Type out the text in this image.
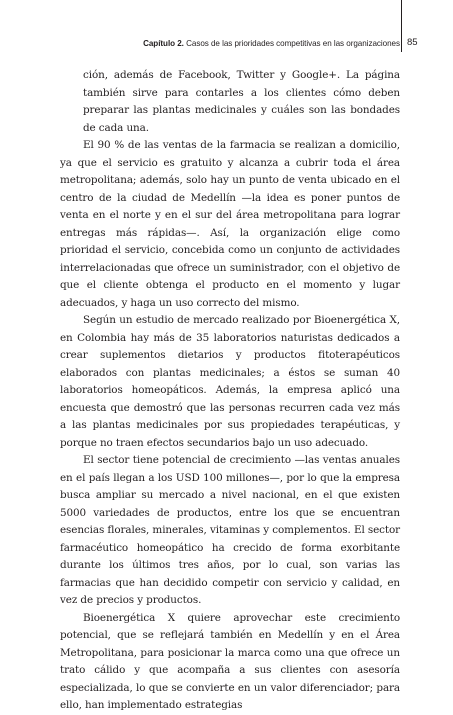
Capítulo 2. Casos de las prioridades competitivas en las organizaciones 85

ción, además de Facebook, Twitter y Google+. La página también sirve para contarles a los clientes cómo deben preparar las plantas medicinales y cuáles son las bondades de cada una.

El 90 % de las ventas de la farmacia se realizan a domicilio, ya que el servicio es gratuito y alcanza a cubrir toda el área metropolitana; además, solo hay un punto de venta ubicado en el centro de la ciudad de Medellín —la idea es poner puntos de venta en el norte y en el sur del área metropolitana para lograr entregas más rápidas—. Así, la organización elige como prioridad el servicio, concebida como un conjunto de actividades interrelacionadas que ofrece un suministrador, con el objetivo de que el cliente obtenga el producto en el momento y lugar adecuados, y haga un uso correcto del mismo.

Según un estudio de mercado realizado por Bioenergética X, en Colombia hay más de 35 laboratorios naturistas dedicados a crear suplementos dietarios y productos fitoterapéuticos elaborados con plantas medicinales; a éstos se suman 40 laboratorios homeopáticos. Además, la empresa aplicó una encuesta que demostró que las personas recurren cada vez más a las plantas medicinales por sus propiedades terapéuticas, y porque no traen efectos secundarios bajo un uso adecuado.

El sector tiene potencial de crecimiento —las ventas anuales en el país llegan a los USD 100 millones—, por lo que la empresa busca ampliar su mercado a nivel nacional, en el que existen 5000 variedades de productos, entre los que se encuentran esencias florales, minerales, vitaminas y complementos. El sector farmacéutico homeopático ha crecido de forma exorbitante durante los últimos tres años, por lo cual, son varias las farmacias que han decidido competir con servicio y calidad, en vez de precios y productos.

Bioenergética X quiere aprovechar este crecimiento potencial, que se reflejará también en Medellín y en el Área Metropolitana, para posicionar la marca como una que ofrece un trato cálido y que acompaña a sus clientes con asesoría especializada, lo que se convierte en un valor diferenciador; para ello, han implementado estrategias
